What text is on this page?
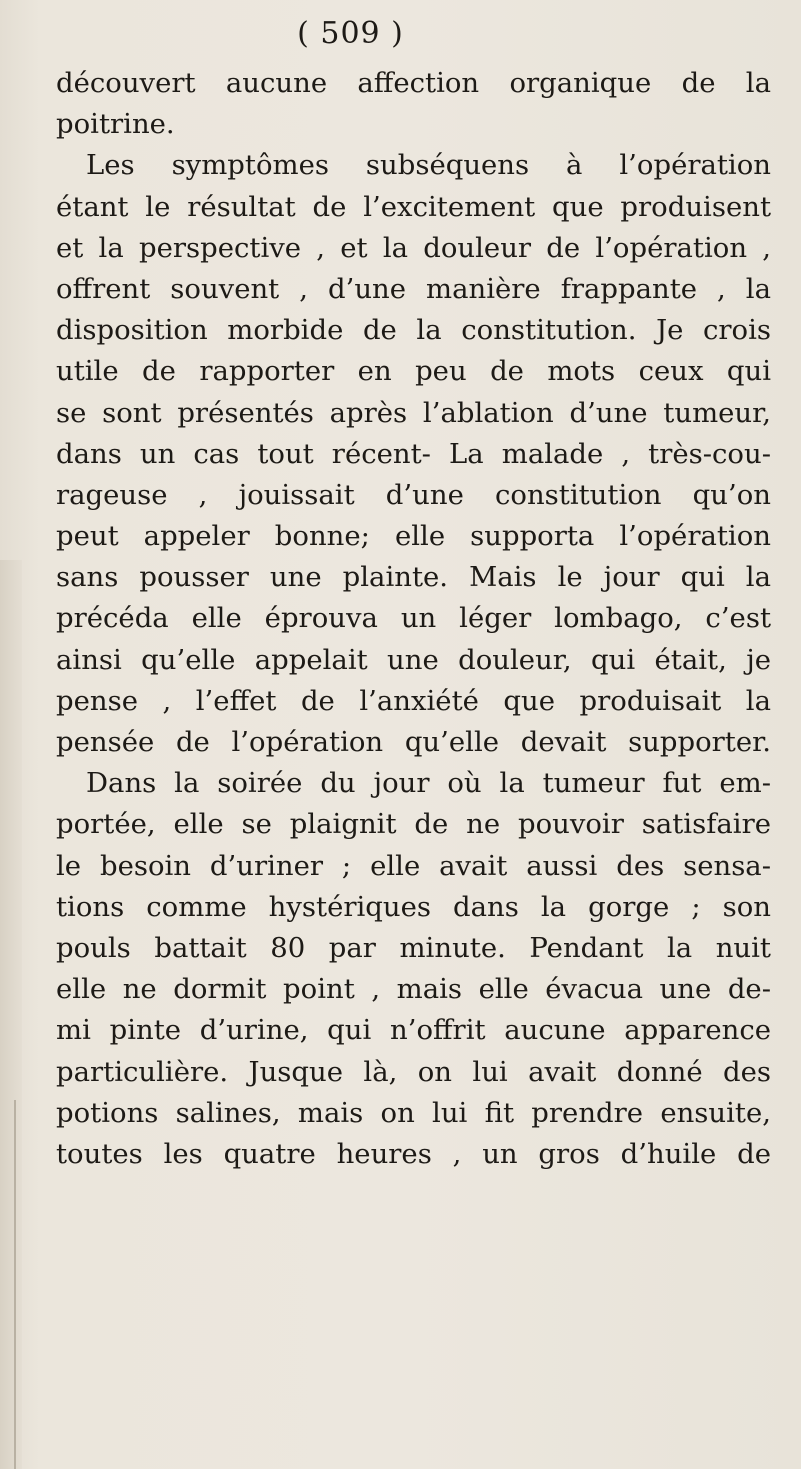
( 509 )
découvert aucune affection organique de la
poitrine.
Les symptômes subséquens à l’opération
étant le résultat de l’excitement que produisent
et la perspective , et la douleur de l’opération ,
offrent souvent , d’une manière frappante , la
disposition morbide de la constitution. Je crois
utile de rapporter en peu de mots ceux qui
se sont présentés après l’ablation d’une tumeur,
dans un cas tout récent- La malade , très-cou-
rageuse , jouissait d’une constitution qu’on
peut appeler bonne; elle supporta l’opération
sans pousser une plainte. Mais le jour qui la
précéda elle éprouva un léger lombago, c’est
ainsi qu’elle appelait une douleur, qui était, je
pense , l’effet de l’anxiété que produisait la
pensée de l’opération qu’elle devait supporter.
Dans la soirée du jour où la tumeur fut em-
portée, elle se plaignit de ne pouvoir satisfaire
le besoin d’uriner ; elle avait aussi des sensa-
tions comme hystériques dans la gorge ; son
pouls battait 80 par minute. Pendant la nuit
elle ne dormit point , mais elle évacua une de-
mi pinte d’urine, qui n’offrit aucune apparence
particulière. Jusque là, on lui avait donné des
potions salines, mais on lui fit prendre ensuite,
toutes les quatre heures , un gros d’huile de
